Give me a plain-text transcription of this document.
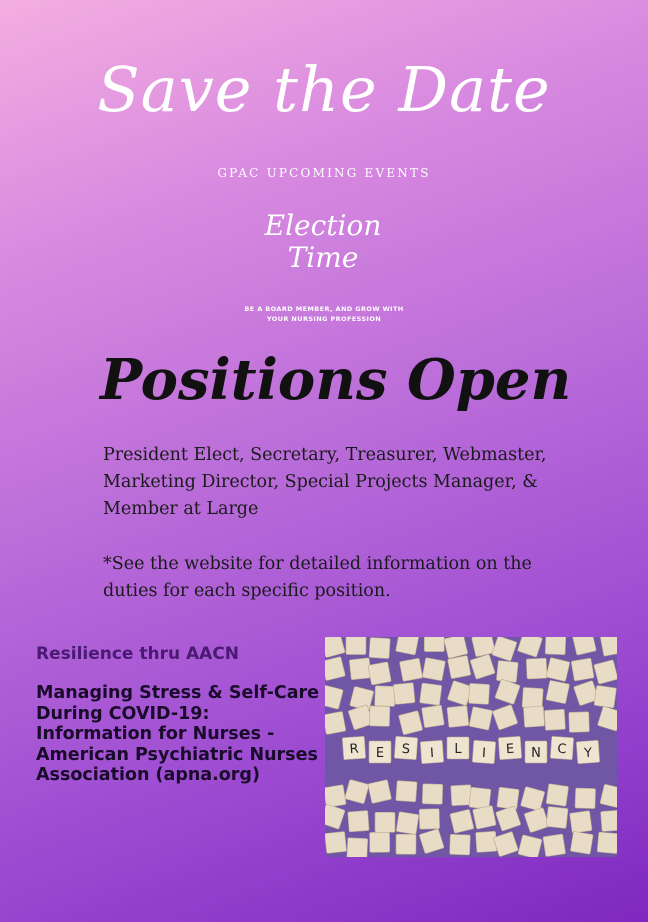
Save the Date
GPAC UPCOMING EVENTS
Election
Time
BE A BOARD MEMBER, AND GROW WITH
YOUR NURSING PROFESSION
Positions Open
President Elect, Secretary, Treasurer, Webmaster, Marketing Director, Special Projects Manager, & Member at Large
*See the website for detailed information on the duties for each specific position.
Resilience thru AACN
Managing Stress & Self-Care During COVID-19: Information for Nurses - American Psychiatric Nurses Association (apna.org)
R E S I L I E N C Y
